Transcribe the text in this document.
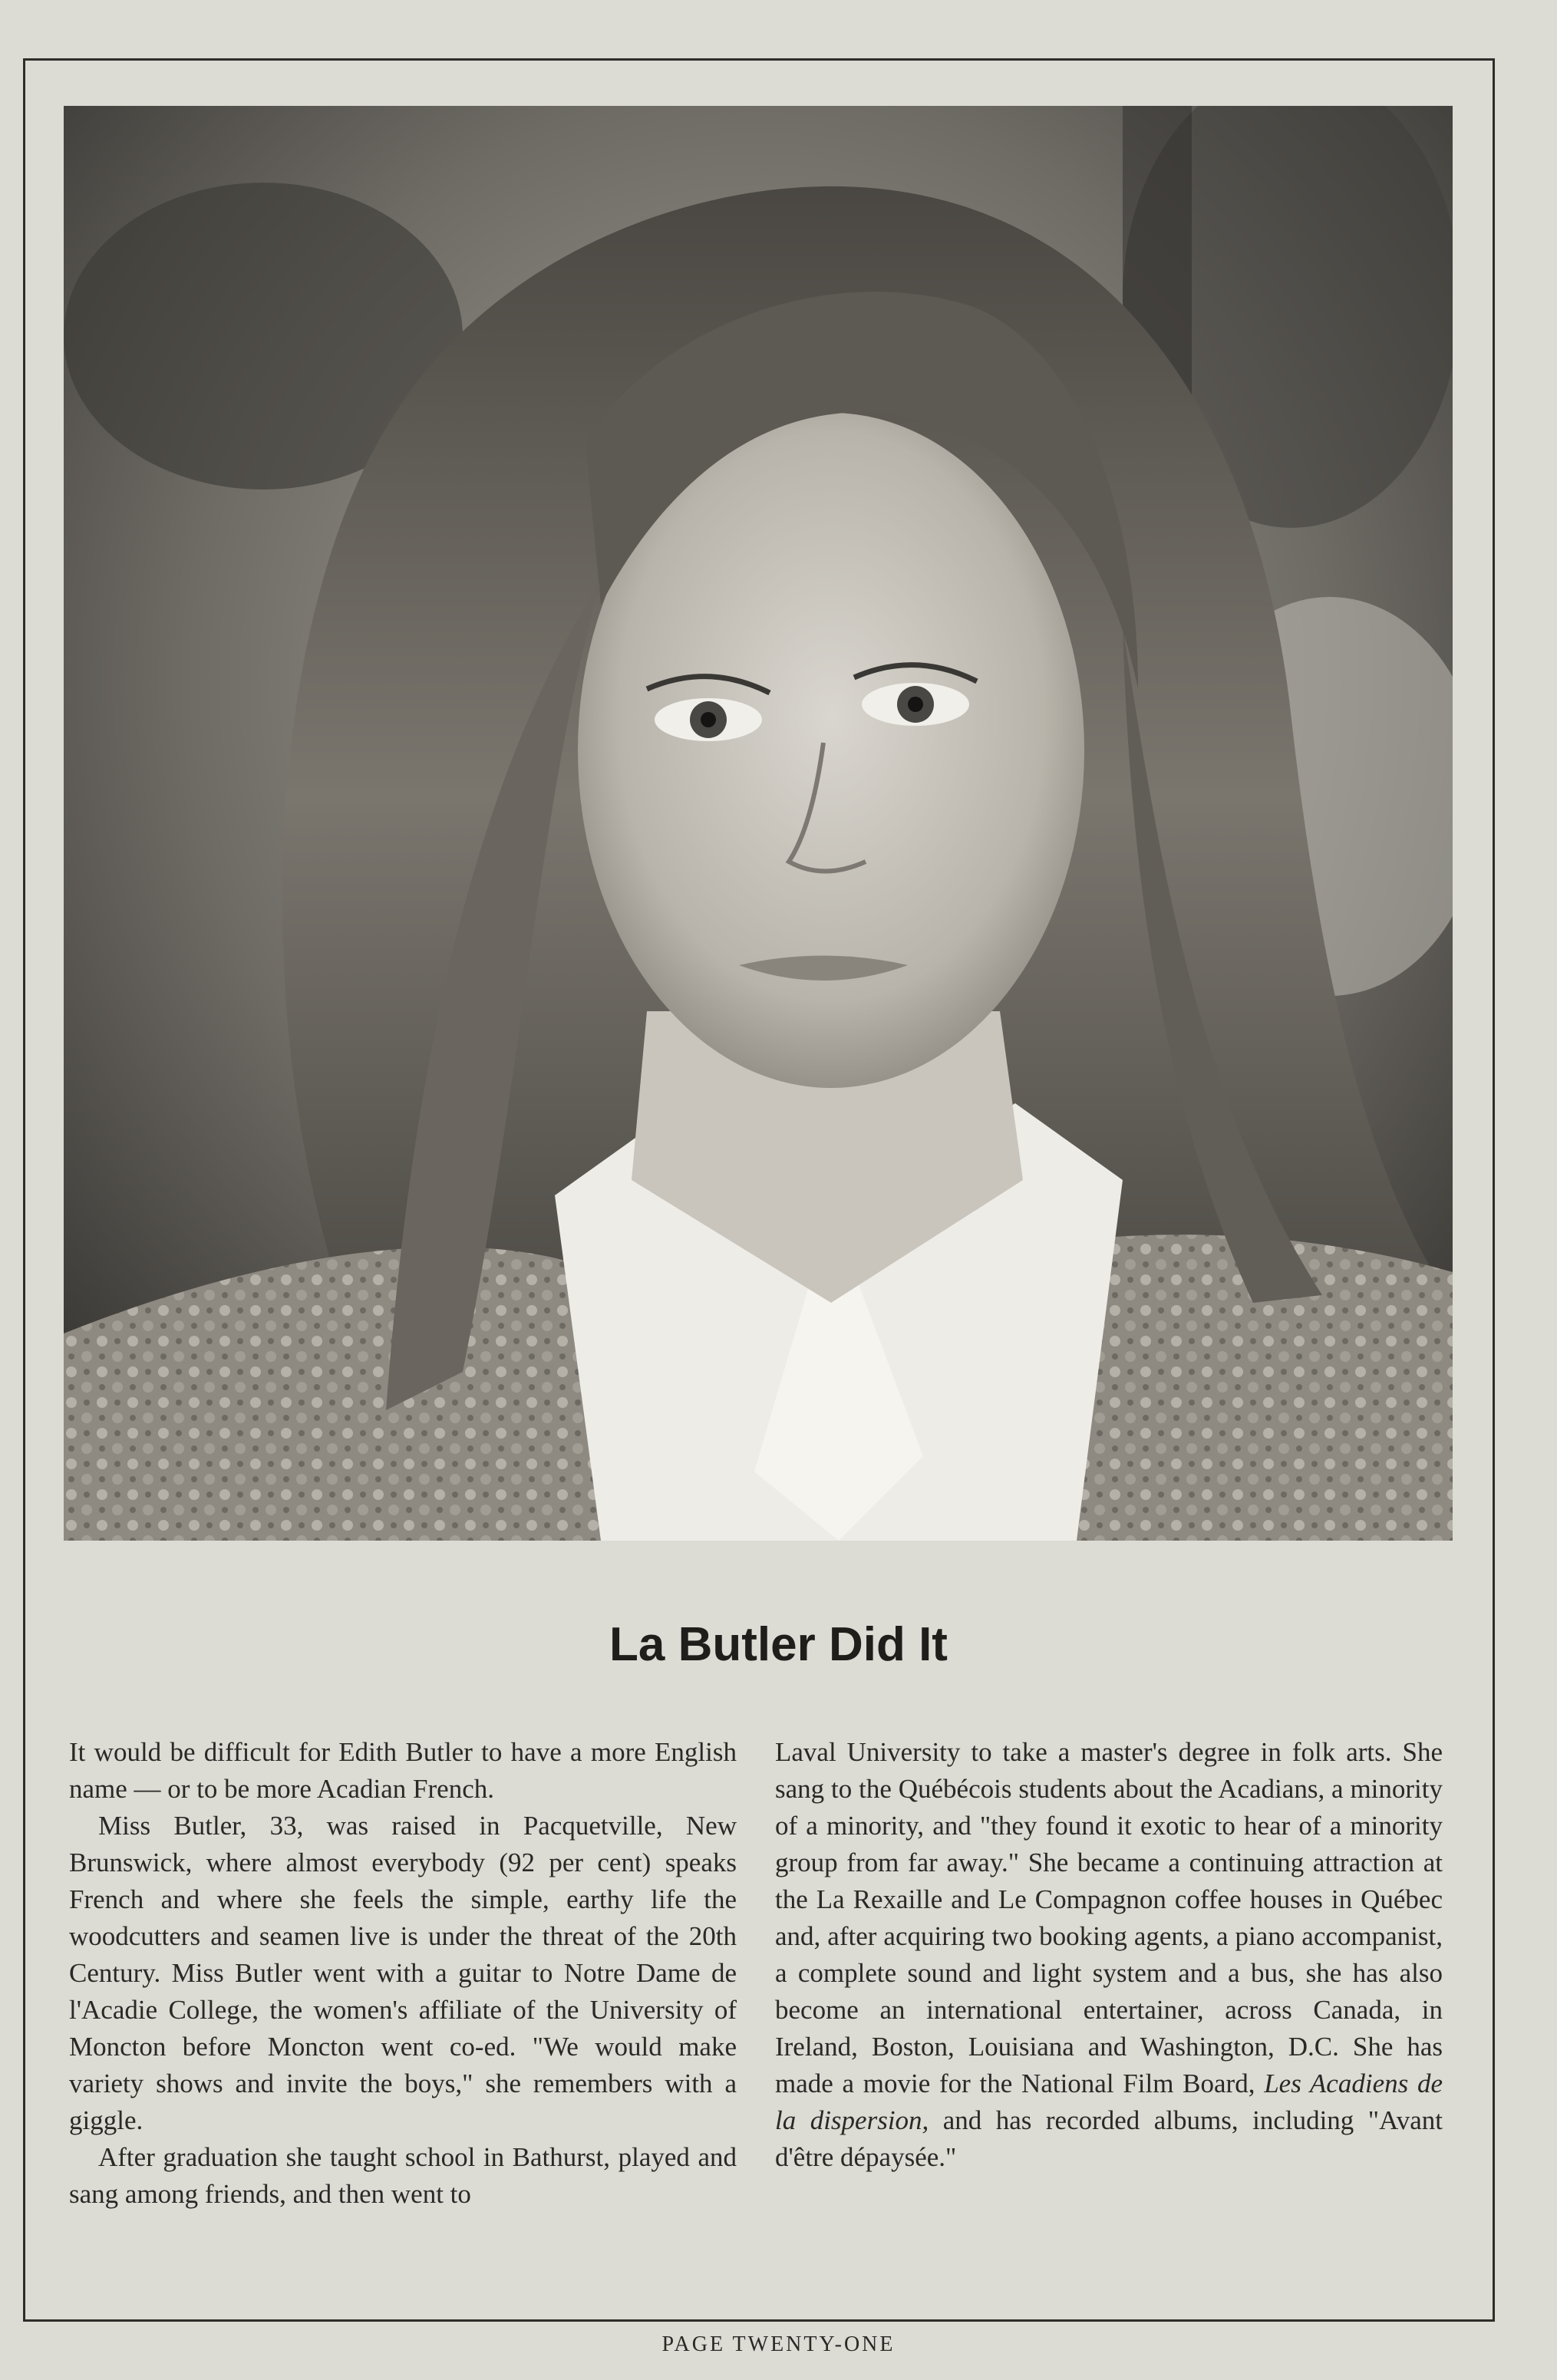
La Butler Did It

It would be difficult for Edith Butler to have a more English name — or to be more Acadian French.

Miss Butler, 33, was raised in Pacquetville, New Brunswick, where almost everybody (92 per cent) speaks French and where she feels the simple, earthy life the woodcutters and seamen live is under the threat of the 20th Century. Miss Butler went with a guitar to Notre Dame de l'Acadie College, the women's affiliate of the University of Moncton before Moncton went co-ed. "We would make variety shows and invite the boys," she remembers with a giggle.

After graduation she taught school in Bathurst, played and sang among friends, and then went to

Laval University to take a master's degree in folk arts. She sang to the Québécois students about the Acadians, a minority of a minority, and "they found it exotic to hear of a minority group from far away." She became a continuing attraction at the La Rexaille and Le Compagnon coffee houses in Québec and, after acquiring two booking agents, a piano accompanist, a complete sound and light system and a bus, she has also become an international entertainer, across Canada, in Ireland, Boston, Louisiana and Washington, D.C. She has made a movie for the National Film Board, Les Acadiens de la dispersion, and has recorded albums, including "Avant d'être dépaysée."

PAGE TWENTY-ONE
